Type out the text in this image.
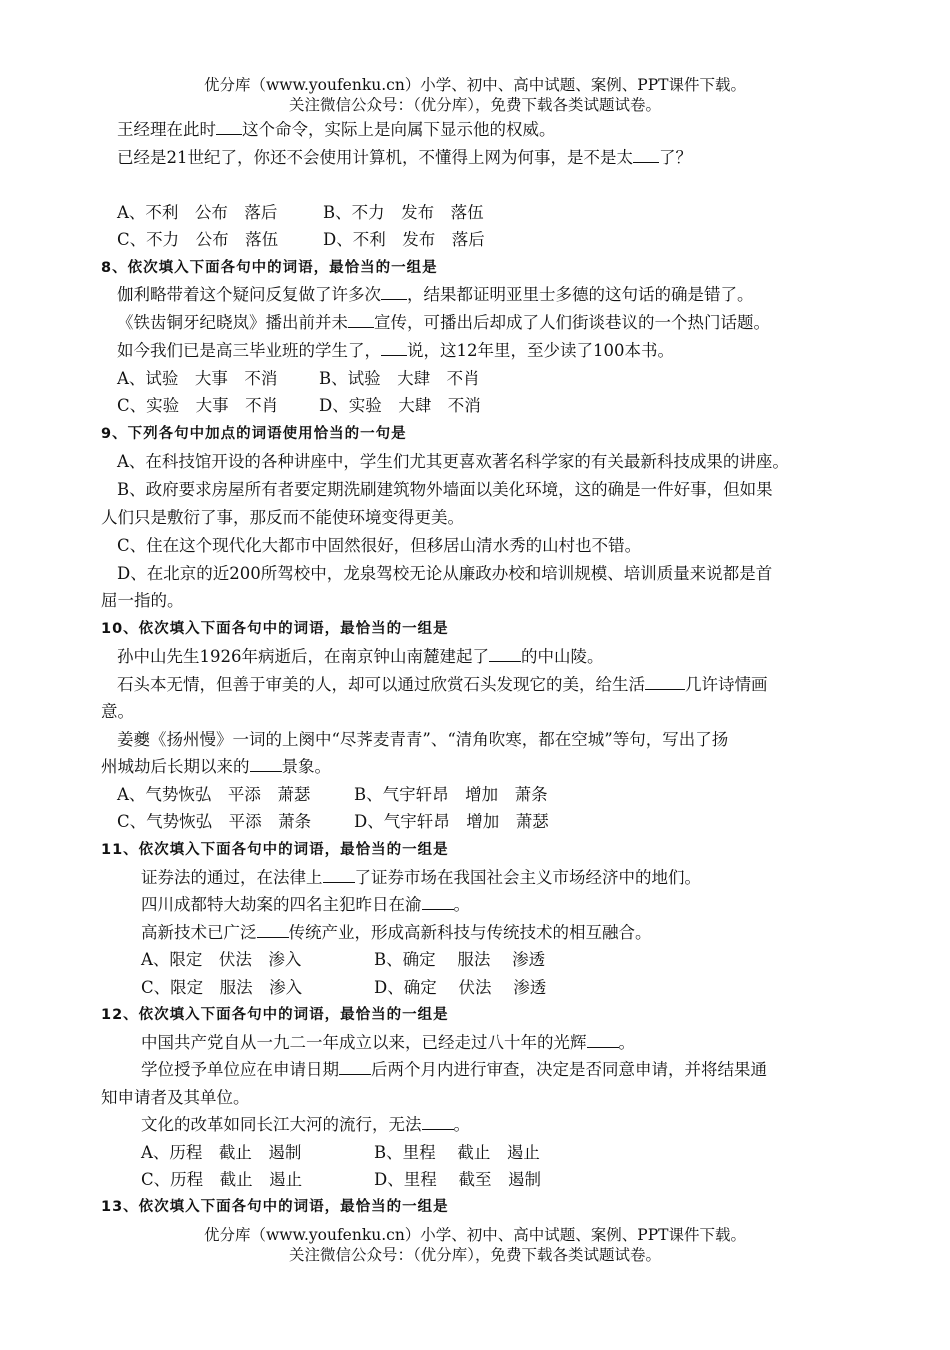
优分库（www.youfenku.cn）小学、初中、高中试题、案例、PPT课件下载。
关注微信公众号：（优分库），免费下载各类试题试卷。
王经理在此时 这个命令，实际上是向属下显示他的权威。
已经是21世纪了，你还不会使用计算机，不懂得上网为何事，是不是太 了？
A、不利　公布　落后	B、不力　发布　落伍
C、不力　公布　落伍	D、不利　发布　落后
8、依次填入下面各句中的词语，最恰当的一组是
伽利略带着这个疑问反复做了许多次 ，结果都证明亚里士多德的这句话的确是错了。
《铁齿铜牙纪晓岚》播出前并未 宣传，可播出后却成了人们街谈巷议的一个热门话题。
如今我们已是高三毕业班的学生了， 说，这12年里，至少读了100本书。
A、试验　大事　不消	B、试验　大肆　不肖
C、实验　大事　不肖 D、实验　大肆　不消
9、下列各句中加点的词语使用恰当的一句是
A、在科技馆开设的各种讲座中，学生们尤其更喜欢著名科学家的有关最新科技成果的讲座。
B、政府要求房屋所有者要定期洗刷建筑物外墙面以美化环境，这的确是一件好事，但如果
人们只是敷衍了事，那反而不能使环境变得更美。
C、住在这个现代化大都市中固然很好，但移居山清水秀的山村也不错。
D、在北京的近200所驾校中，龙泉驾校无论从廉政办校和培训规模、培训质量来说都是首
屈一指的。
10、依次填入下面各句中的词语，最恰当的一组是
孙中山先生1926年病逝后，在南京钟山南麓建起了 的中山陵。
石头本无情，但善于审美的人，却可以通过欣赏石头发现它的美，给生活 几许诗情画
意。
姜夔《扬州慢》一词的上阕中“尽荠麦青青”、“清角吹寒，都在空城”等句，写出了扬
州城劫后长期以来的 景象。
A、气势恢弘　平添　萧瑟	B、气宇轩昂　增加　萧条
C、气势恢弘　平添　萧条	D、气宇轩昂　增加　萧瑟
11、依次填入下面各句中的词语，最恰当的一组是
证券法的通过，在法律上 了证券市场在我国社会主义市场经济中的地们。
四川成都特大劫案的四名主犯昨日在渝 。
高新技术已广泛 传统产业，形成高新科技与传统技术的相互融合。
A、限定　伏法　渗入	B、确定　 服法　 渗透
C、限定　服法　渗入	D、确定　 伏法　 渗透
12、依次填入下面各句中的词语，最恰当的一组是
中国共产党自从一九二一年成立以来，已经走过八十年的光辉 。
学位授予单位应在申请日期 后两个月内进行审查，决定是否同意申请，并将结果通
知申请者及其单位。
文化的改革如同长江大河的流行，无法 。
A、历程　截止　遏制	B、里程　 截止　遏止
C、历程　截止　遏止	D、里程　 截至　遏制
13、依次填入下面各句中的词语，最恰当的一组是
优分库（www.youfenku.cn）小学、初中、高中试题、案例、PPT课件下载。
关注微信公众号：（优分库），免费下载各类试题试卷。
